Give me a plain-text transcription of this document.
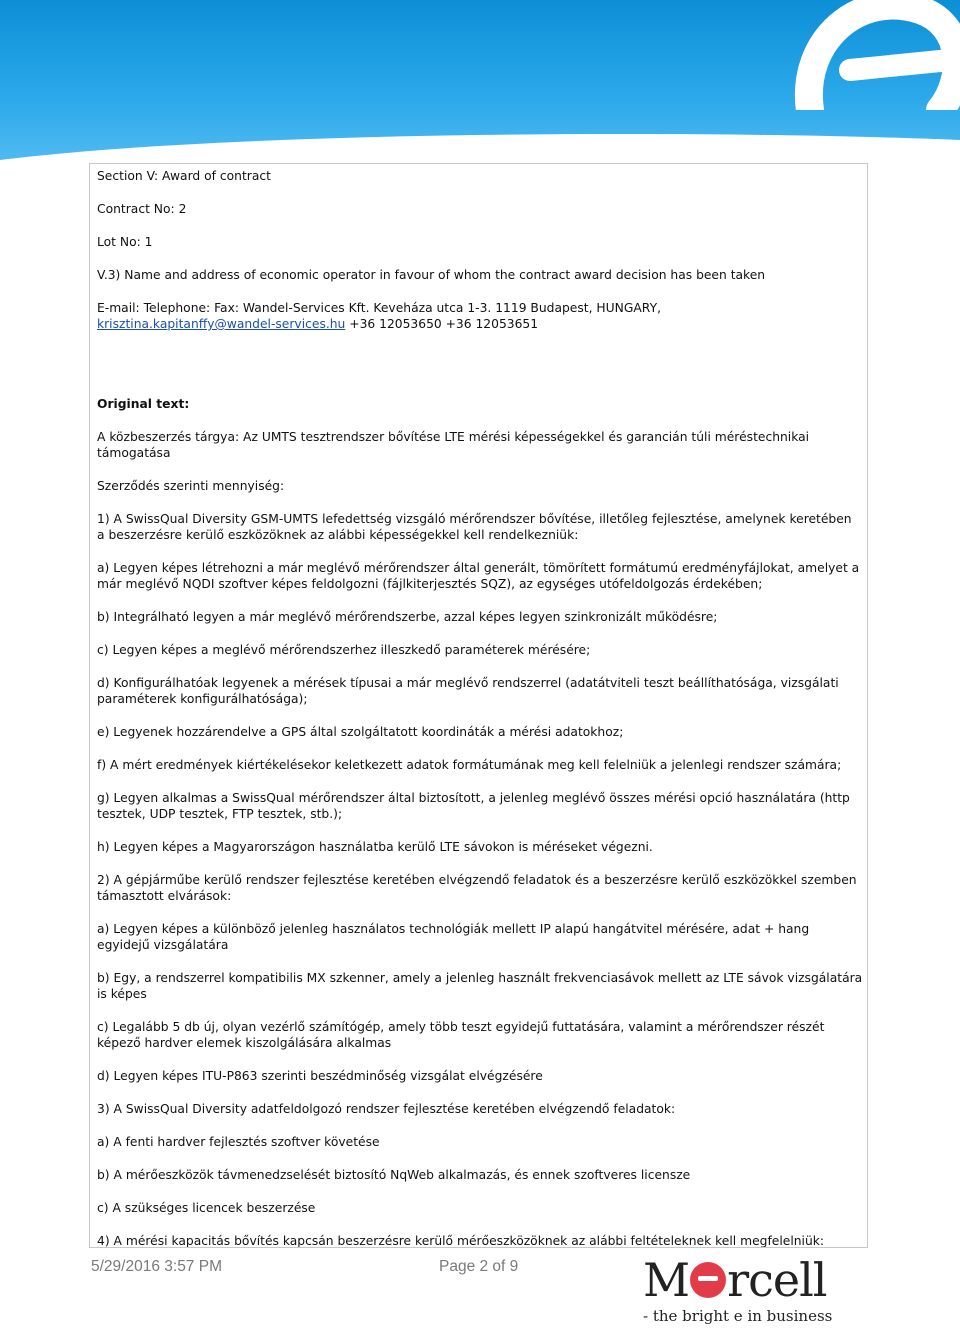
Section V: Award of contract

Contract No: 2

Lot No: 1

V.3) Name and address of economic operator in favour of whom the contract award decision has been taken

E-mail: Telephone: Fax: Wandel-Services Kft. Keveháza utca 1-3. 1119 Budapest, HUNGARY,
krisztina.kapitanffy@wandel-services.hu +36 12053650 +36 12053651

Original text:

A közbeszerzés tárgya: Az UMTS tesztrendszer bővítése LTE mérési képességekkel és garancián túli méréstechnikai támogatása

Szerződés szerinti mennyiség:

1) A SwissQual Diversity GSM-UMTS lefedettség vizsgáló mérőrendszer bővítése, illetőleg fejlesztése, amelynek keretében a beszerzésre kerülő eszközöknek az alábbi képességekkel kell rendelkezniük:

a) Legyen képes létrehozni a már meglévő mérőrendszer által generált, tömörített formátumú eredményfájlokat, amelyet a már meglévő NQDI szoftver képes feldolgozni (fájlkiterjesztés SQZ), az egységes utófeldolgozás érdekében;

b) Integrálható legyen a már meglévő mérőrendszerbe, azzal képes legyen szinkronizált működésre;

c) Legyen képes a meglévő mérőrendszerhez illeszkedő paraméterek mérésére;

d) Konfigurálhatóak legyenek a mérések típusai a már meglévő rendszerrel (adatátviteli teszt beállíthatósága, vizsgálati paraméterek konfigurálhatósága);

e) Legyenek hozzárendelve a GPS által szolgáltatott koordináták a mérési adatokhoz;

f) A mért eredmények kiértékelésekor keletkezett adatok formátumának meg kell felelniük a jelenlegi rendszer számára;

g) Legyen alkalmas a SwissQual mérőrendszer által biztosított, a jelenleg meglévő összes mérési opció használatára (http tesztek, UDP tesztek, FTP tesztek, stb.);

h) Legyen képes a Magyarországon használatba kerülő LTE sávokon is méréseket végezni.

2) A gépjárműbe kerülő rendszer fejlesztése keretében elvégzendő feladatok és a beszerzésre kerülő eszközökkel szemben támasztott elvárások:

a) Legyen képes a különböző jelenleg használatos technológiák mellett IP alapú hangátvitel mérésére, adat + hang egyidejű vizsgálatára

b) Egy, a rendszerrel kompatibilis MX szkenner, amely a jelenleg használt frekvenciasávok mellett az LTE sávok vizsgálatára is képes

c) Legalább 5 db új, olyan vezérlő számítógép, amely több teszt egyidejű futtatására, valamint a mérőrendszer részét képező hardver elemek kiszolgálására alkalmas

d) Legyen képes ITU-P863 szerinti beszédminőség vizsgálat elvégzésére

3) A SwissQual Diversity adatfeldolgozó rendszer fejlesztése keretében elvégzendő feladatok:

a) A fenti hardver fejlesztés szoftver követése

b) A mérőeszközök távmenedzselését biztosító NqWeb alkalmazás, és ennek szoftveres licensze

c) A szükséges licencek beszerzése

4) A mérési kapacitás bővítés kapcsán beszerzésre kerülő mérőeszközöknek az alábbi feltételeknek kell megfelelniük:

5/29/2016 3:57 PM	Page 2 of 9	M rcell
- the bright e in business
